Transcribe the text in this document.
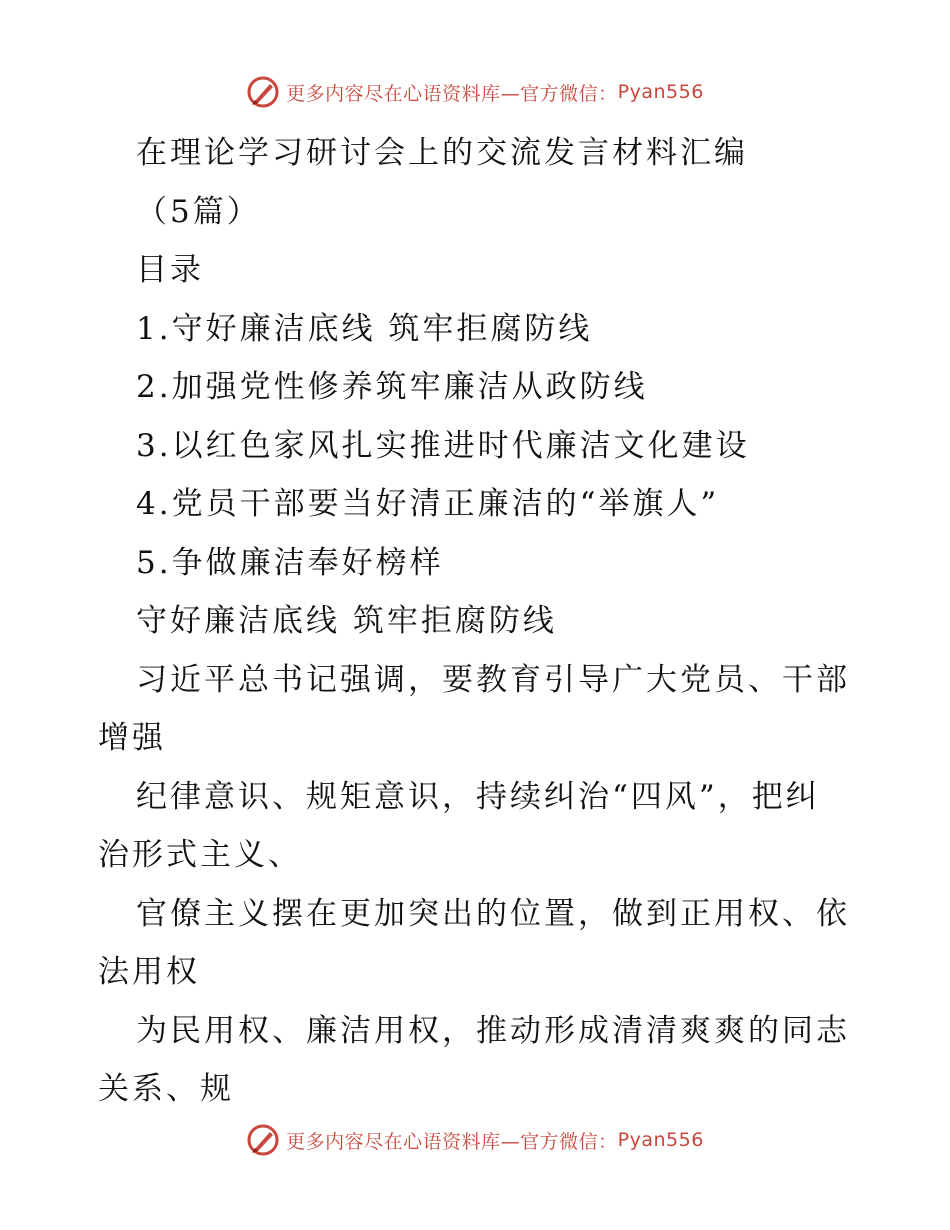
更多内容尽在心语资料库—官方微信： Pyan556
在理论学习研讨会上的交流发言材料汇编
（5篇）
目录
1.守好廉洁底线 筑牢拒腐防线
2.加强党性修养筑牢廉洁从政防线
3.以红色家风扎实推进时代廉洁文化建设
4.党员干部要当好清正廉洁的“举旗人”
5.争做廉洁奉好榜样
守好廉洁底线 筑牢拒腐防线
习近平总书记强调，要教育引导广大党员、干部
增强
纪律意识、规矩意识，持续纠治“四风”，把纠
治形式主义、
官僚主义摆在更加突出的位置，做到正用权、依
法用权
为民用权、廉洁用权，推动形成清清爽爽的同志
关系、规
更多内容尽在心语资料库—官方微信： Pyan556
